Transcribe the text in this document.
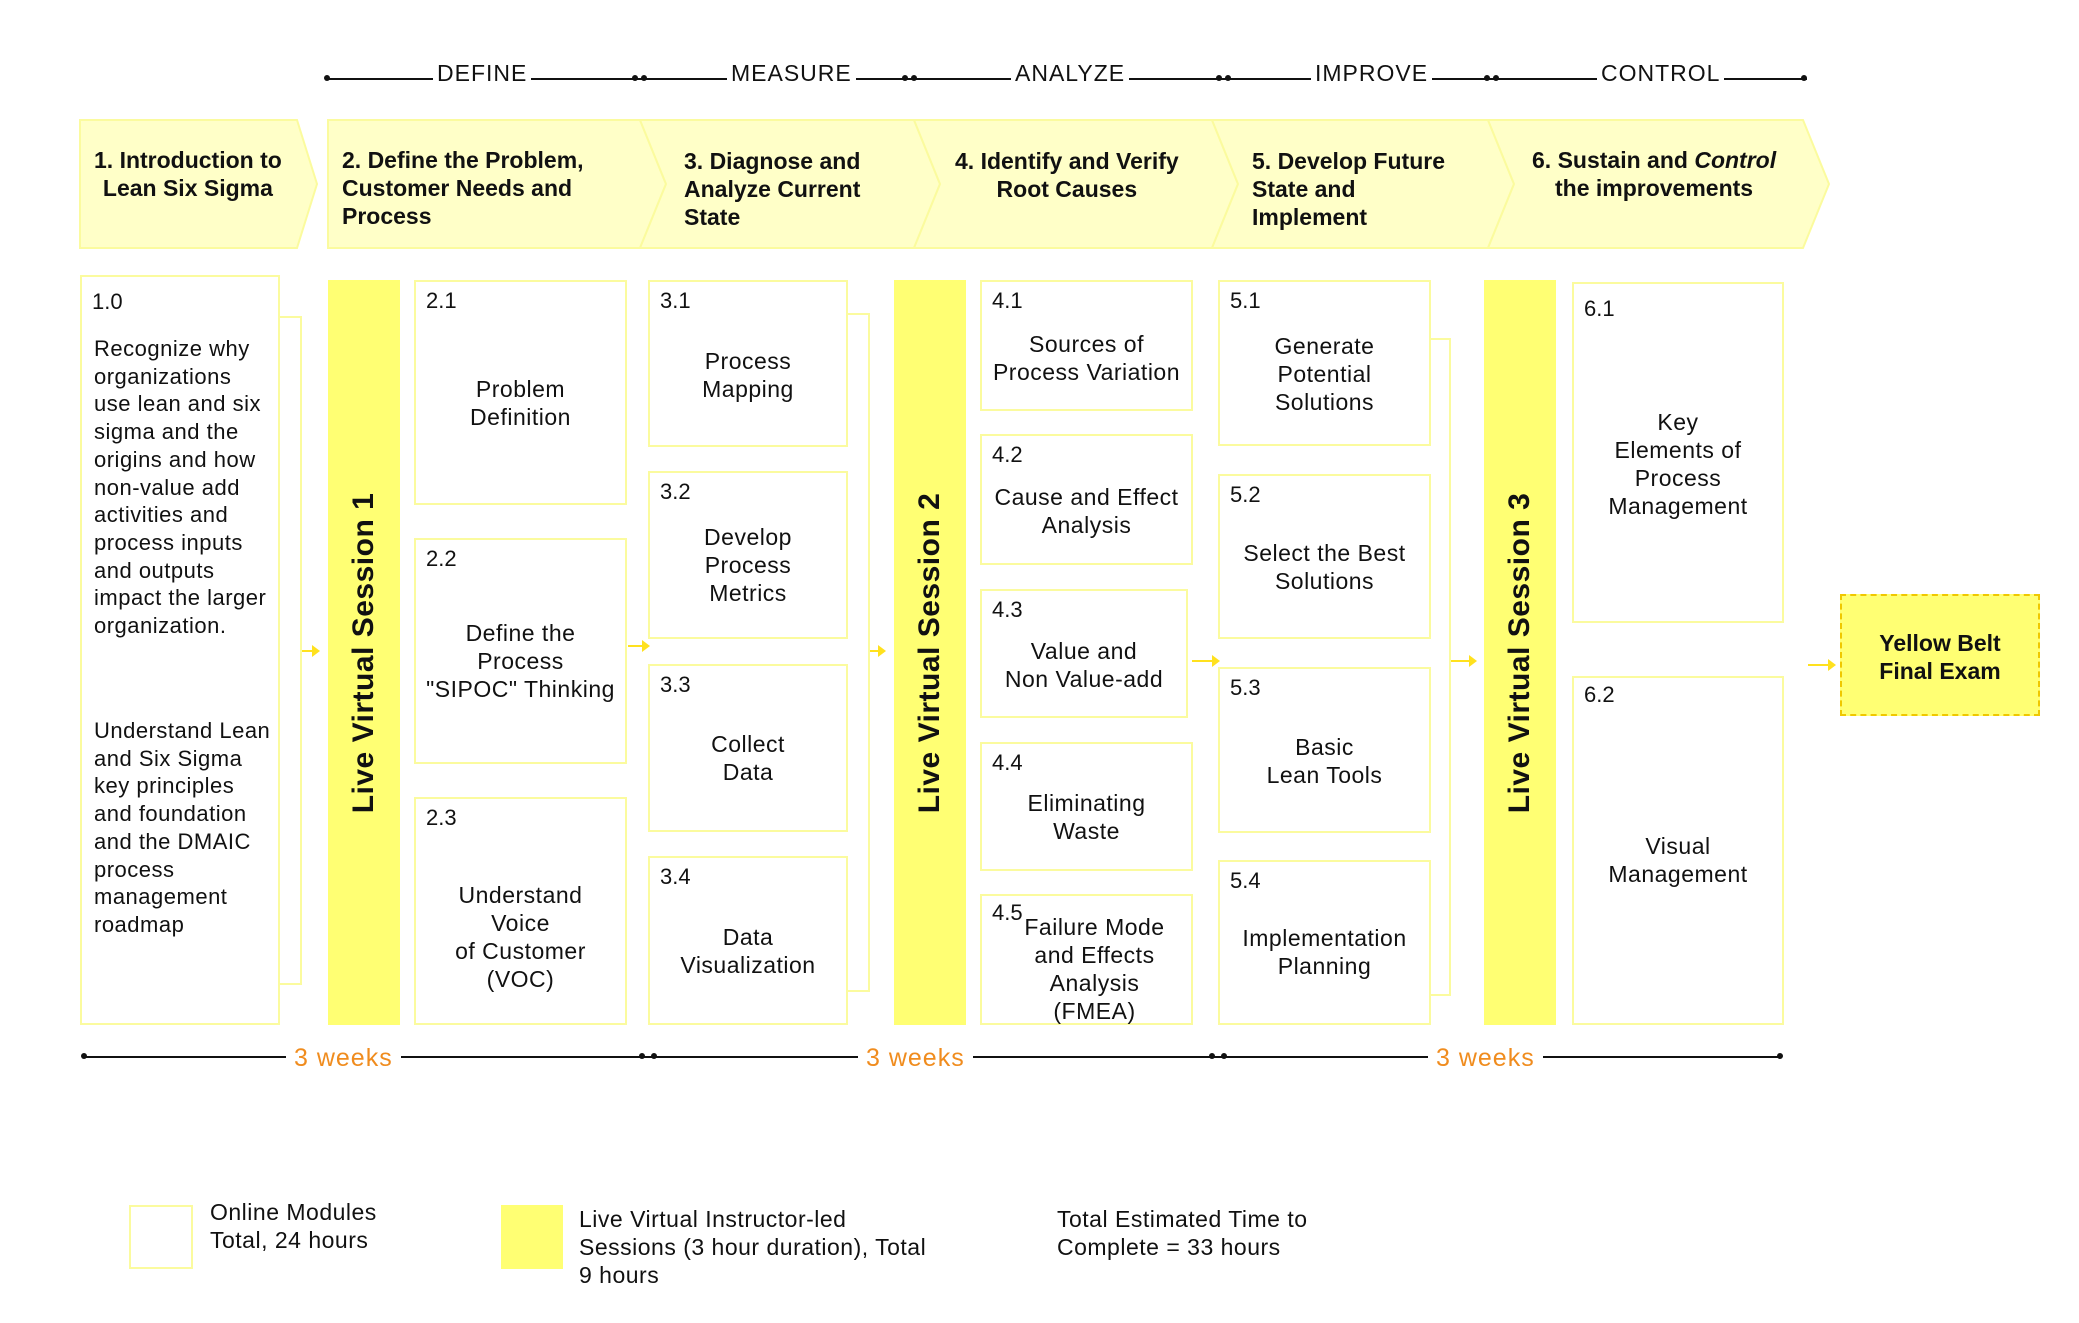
DEFINE	MEASURE	ANALYZE	IMPROVE	CONTROL
1. Introduction to
Lean Six Sigma
2. Define the Problem,
Customer Needs and
Process
3. Diagnose and
Analyze Current
State
4. Identify and Verify
Root Causes
5. Develop Future
State and
Implement
6. Sustain and Control
the improvements
1.0
Recognize why organizations use lean and six sigma and the origins and how non-value add activities and process inputs and outputs impact the larger organization.
Understand Lean and Six Sigma key principles and foundation and the DMAIC process management roadmap
Live Virtual Session 1
2.1
Problem
Definition
2.2
Define the
Process
"SIPOC" Thinking
2.3
Understand
Voice
of Customer
(VOC)
3.1
Process
Mapping
3.2
Develop
Process
Metrics
3.3
Collect
Data
3.4
Data
Visualization
Live Virtual Session 2
4.1
Sources of
Process Variation
4.2
Cause and Effect
Analysis
4.3
Value and
Non Value-add
4.4
Eliminating
Waste
4.5
Failure Mode
and Effects
Analysis
(FMEA)
5.1
Generate
Potential
Solutions
5.2
Select the Best
Solutions
5.3
Basic
Lean Tools
5.4
Implementation
Planning
Live Virtual Session 3
6.1
Key
Elements of
Process
Management
6.2
Visual
Management
Yellow Belt
Final Exam
3 weeks	3 weeks	3 weeks
Online Modules
Total, 24 hours
Live Virtual Instructor-led
Sessions (3 hour duration), Total
9 hours
Total Estimated Time to
Complete = 33 hours
